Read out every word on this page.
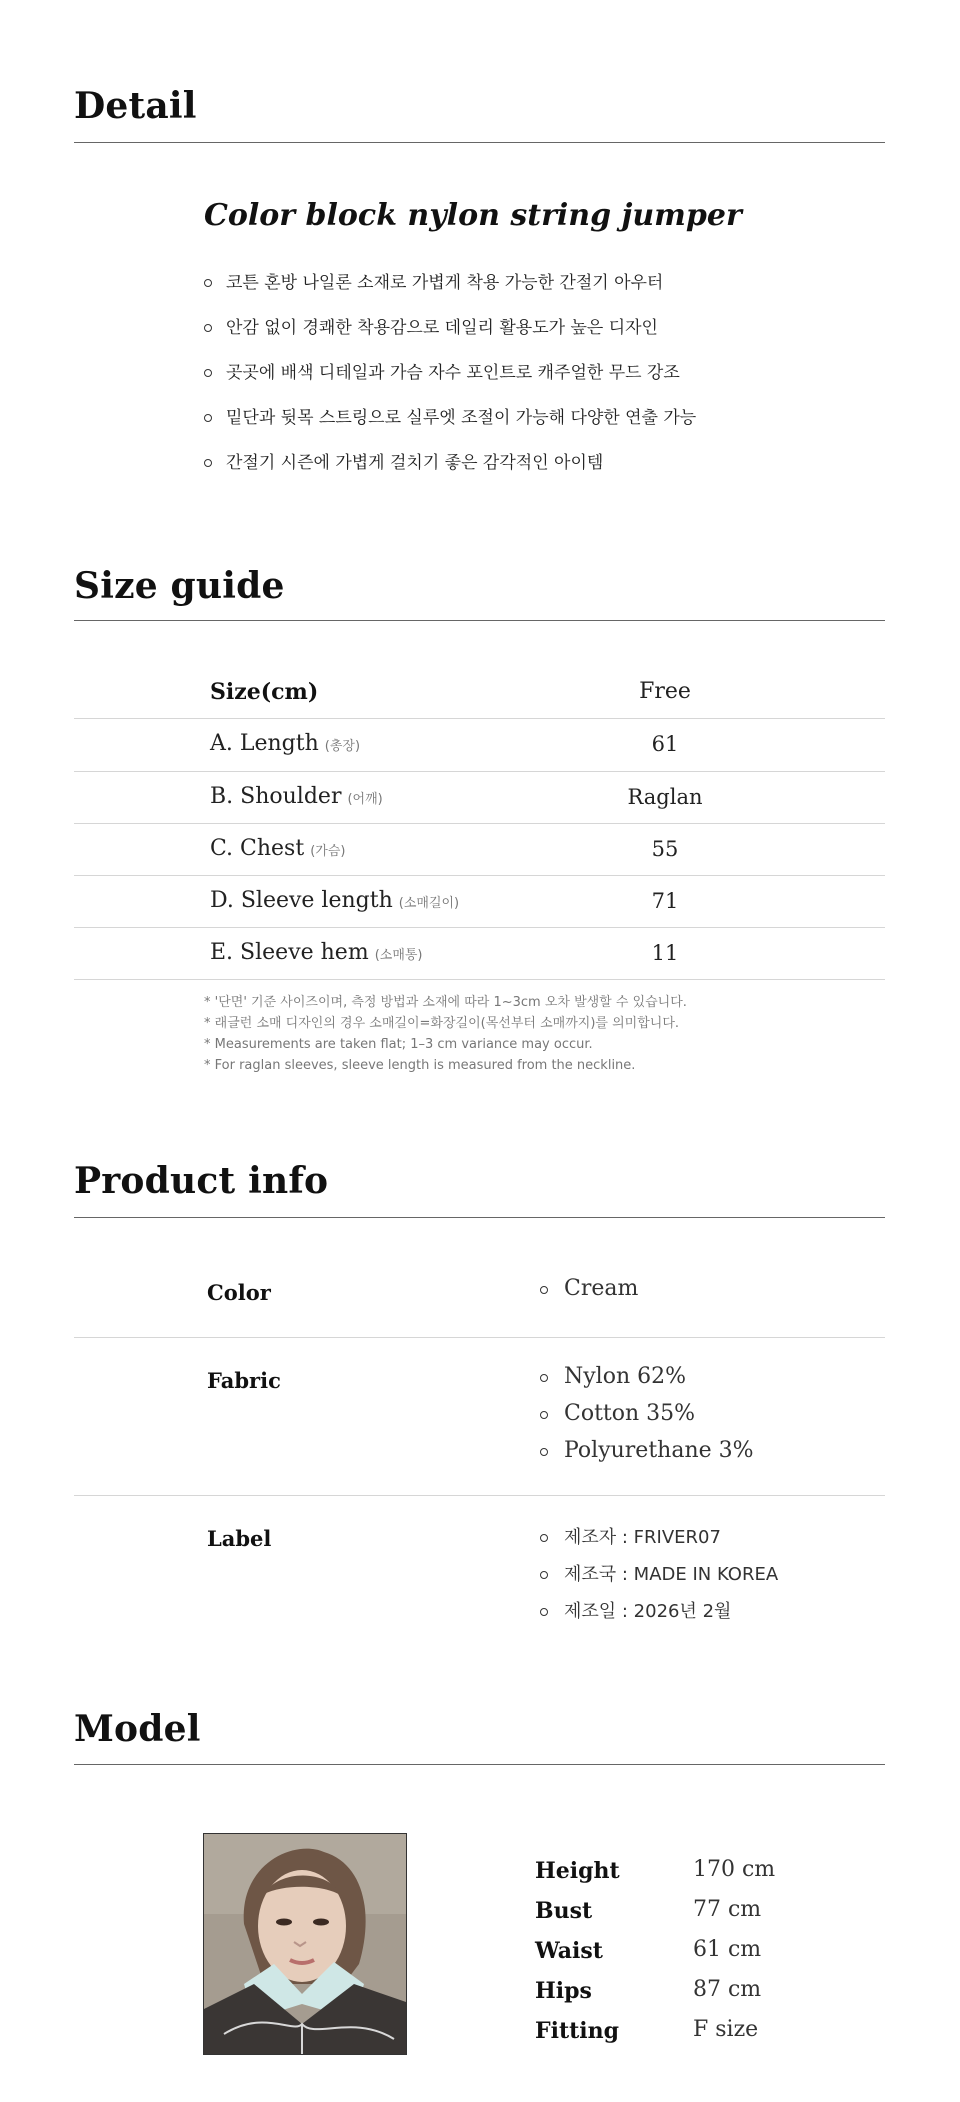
Detail
Color block nylon string jumper
코튼 혼방 나일론 소재로 가볍게 착용 가능한 간절기 아우터
안감 없이 경쾌한 착용감으로 데일리 활용도가 높은 디자인
곳곳에 배색 디테일과 가슴 자수 포인트로 캐주얼한 무드 강조
밑단과 뒷목 스트링으로 실루엣 조절이 가능해 다양한 연출 가능
간절기 시즌에 가볍게 걸치기 좋은 감각적인 아이템
Size guide
Size(cm)	Free
A. Length (총장)	61
B. Shoulder (어깨)	Raglan
C. Chest (가슴)	55
D. Sleeve length (소매길이)	71
E. Sleeve hem (소매통)	11
* '단면' 기준 사이즈이며, 측정 방법과 소재에 따라 1~3cm 오차 발생할 수 있습니다.
* 래글런 소매 디자인의 경우 소매길이=화장길이(목선부터 소매까지)를 의미합니다.
* Measurements are taken flat; 1–3 cm variance may occur.
* For raglan sleeves, sleeve length is measured from the neckline.
Product info
Color	Cream
Fabric	Nylon 62%
Cotton 35%
Polyurethane 3%
Label	제조자 : FRIVER07
제조국 : MADE IN KOREA
제조일 : 2026년 2월
Model
Height	170 cm
Bust	77 cm
Waist	61 cm
Hips	87 cm
Fitting	F size
